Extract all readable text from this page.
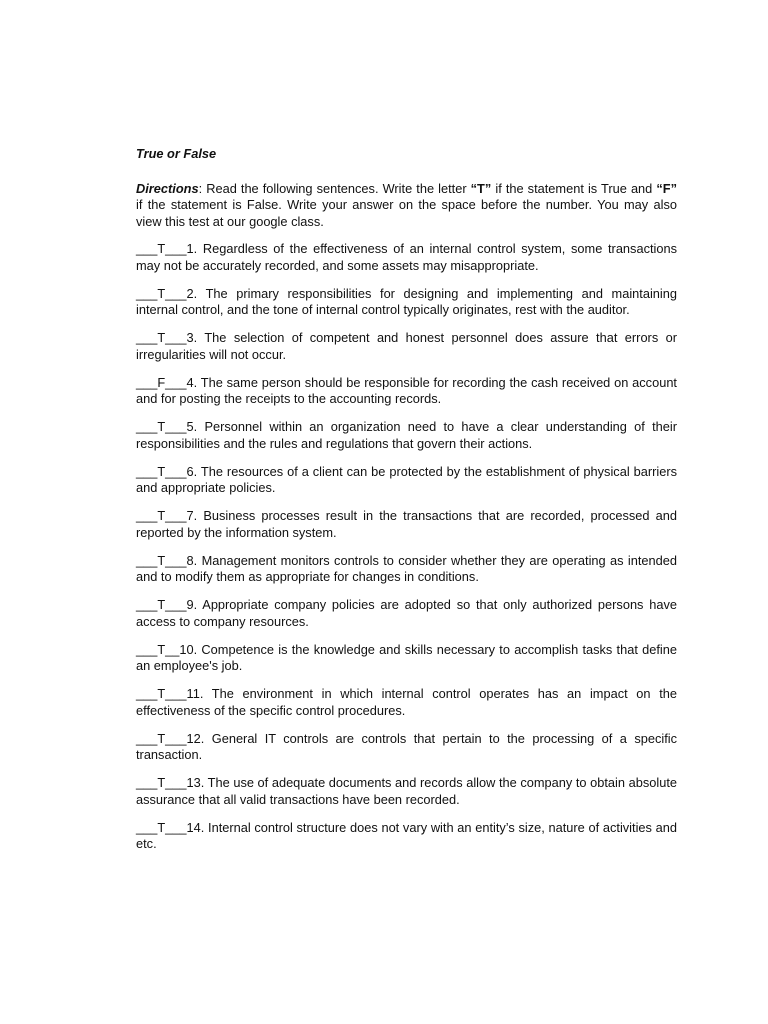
True or False

Directions: Read the following sentences. Write the letter “T” if the statement is True and “F” if the statement is False. Write your answer on the space before the number. You may also view this test at our google class.

___T___1. Regardless of the effectiveness of an internal control system, some transactions may not be accurately recorded, and some assets may misappropriate.

___T___2. The primary responsibilities for designing and implementing and maintaining internal control, and the tone of internal control typically originates, rest with the auditor.

___T___3. The selection of competent and honest personnel does assure that errors or irregularities will not occur.

___F___4. The same person should be responsible for recording the cash received on account and for posting the receipts to the accounting records.

___T___5. Personnel within an organization need to have a clear understanding of their responsibilities and the rules and regulations that govern their actions.

___T___6. The resources of a client can be protected by the establishment of physical barriers and appropriate policies.

___T___7. Business processes result in the transactions that are recorded, processed and reported by the information system.

___T___8. Management monitors controls to consider whether they are operating as intended and to modify them as appropriate for changes in conditions.

___T___9. Appropriate company policies are adopted so that only authorized persons have access to company resources.

___T__10. Competence is the knowledge and skills necessary to accomplish tasks that define an employee's job.

___T___11. The environment in which internal control operates has an impact on the effectiveness of the specific control procedures.

___T___12. General IT controls are controls that pertain to the processing of a specific transaction.

___T___13. The use of adequate documents and records allow the company to obtain absolute assurance that all valid transactions have been recorded.

___T___14. Internal control structure does not vary with an entity’s size, nature of activities and etc.
